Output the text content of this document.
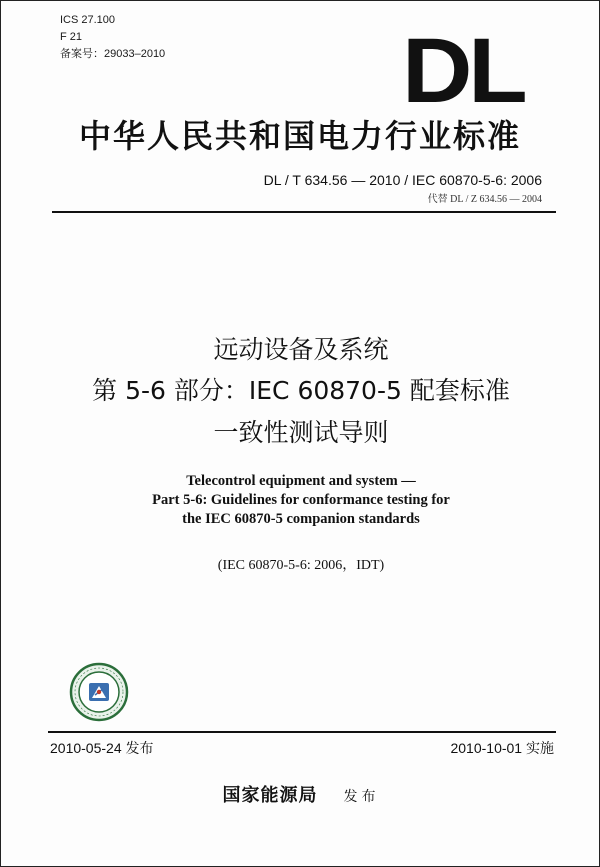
ICS 27.100
F 21
备案号：29033–2010	DL
中华人民共和国电力行业标准
DL / T 634.56 — 2010 / IEC 60870-5-6: 2006
代替 DL / Z 634.56 — 2004
远动设备及系统
第 5-6 部分：IEC 60870-5 配套标准
一致性测试导则
Telecontrol equipment and system —
Part 5-6: Guidelines for conformance testing for
the IEC 60870-5 companion standards
(IEC 60870-5-6: 2006，IDT)
2010-05-24 发布	2010-10-01 实施
国家能源局 发布
